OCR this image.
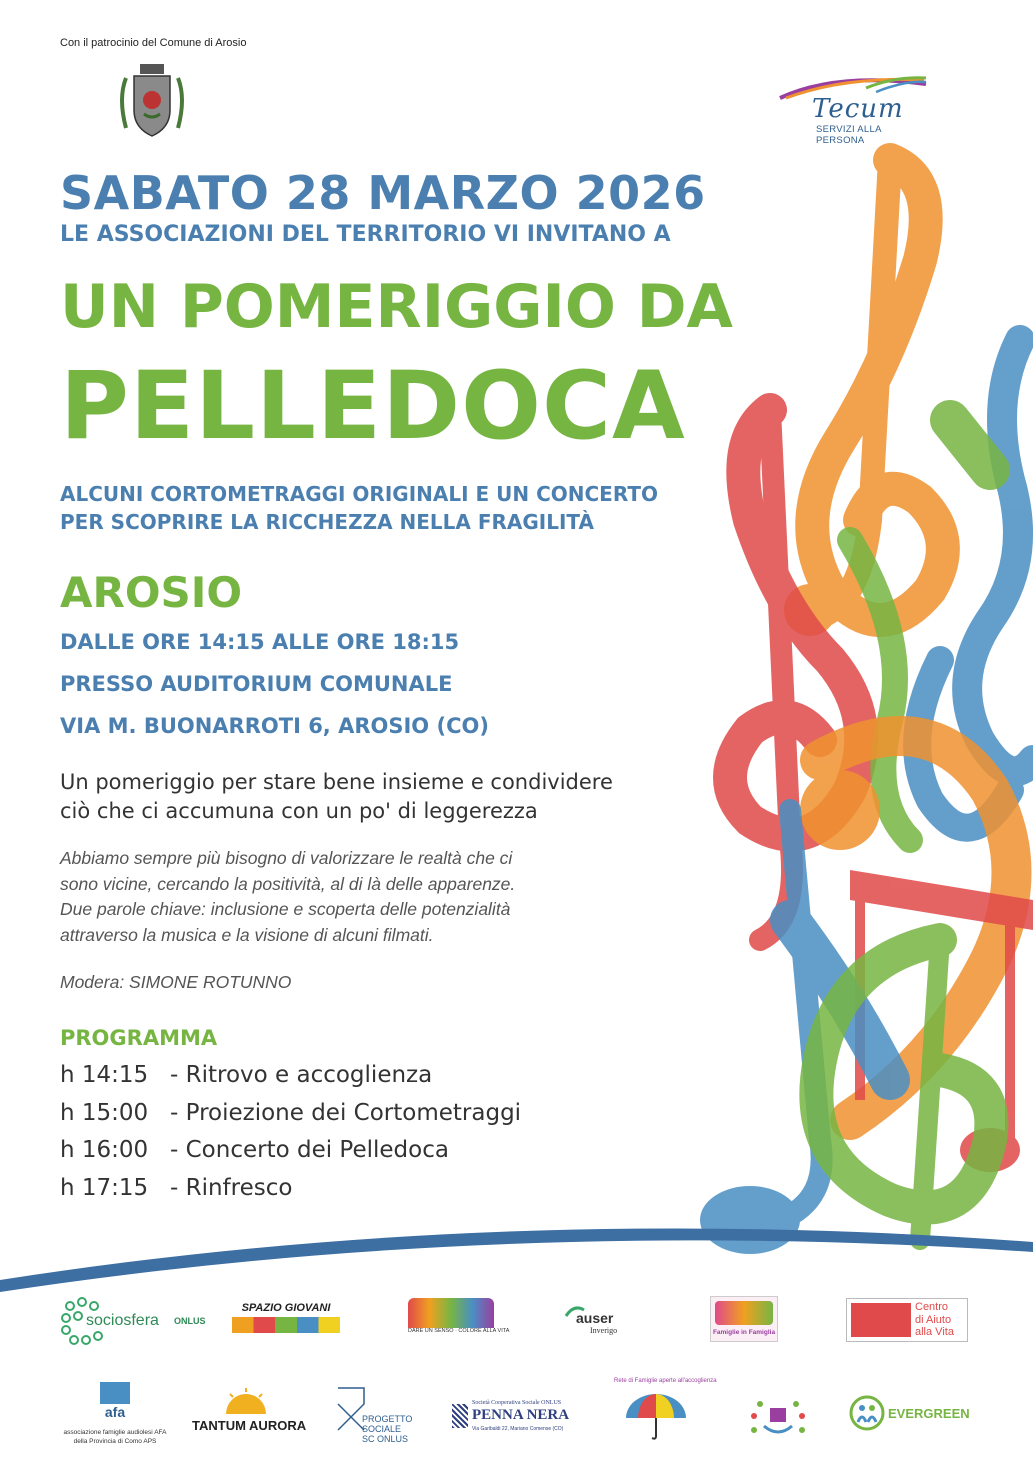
Con il patrocinio del Comune di Arosio
Tecum
SERVIZI ALLA PERSONA
SABATO 28 MARZO 2026
LE ASSOCIAZIONI DEL TERRITORIO VI INVITANO A
UN POMERIGGIO DA
PELLEDOCA
ALCUNI CORTOMETRAGGI ORIGINALI E UN CONCERTO
PER SCOPRIRE LA RICCHEZZA NELLA FRAGILITÀ
AROSIO
DALLE ORE 14:15 ALLE ORE 18:15
PRESSO AUDITORIUM COMUNALE
VIA M. BUONARROTI 6, AROSIO (CO)
Un pomeriggio per stare bene insieme e condividere
ciò che ci accumuna con un po' di leggerezza
Abbiamo sempre più bisogno di valorizzare le realtà che ci
sono vicine, cercando la positività, al di là delle apparenze.
Due parole chiave: inclusione e scoperta delle potenzialità
attraverso la musica e la visione di alcuni filmati.
Modera: SIMONE ROTUNNO
PROGRAMMA
h 14:15 - Ritrovo e accoglienza
h 15:00 - Proiezione dei Cortometraggi
h 16:00 - Concerto dei Pelledoca
h 17:15 - Rinfresco
sociosfera ONLUS
SPAZIO GIOVANI
DARE UN SENSO · COLORE ALLA VITA
auser
Inverigo	Famiglie in Famiglia
Centro
di Aiuto
alla Vita
afa
associazione famiglie audiolesi AFA
della Provincia di Como APS
TANTUM AURORA	PROGETTO
SOCIALE
SC ONLUS
Società Cooperativa Sociale ONLUS
PENNA NERA
Via Garibaldi 22, Mariano Comense (CO)
Rete di Famiglie aperte all'accoglienza
EVERGREEN
